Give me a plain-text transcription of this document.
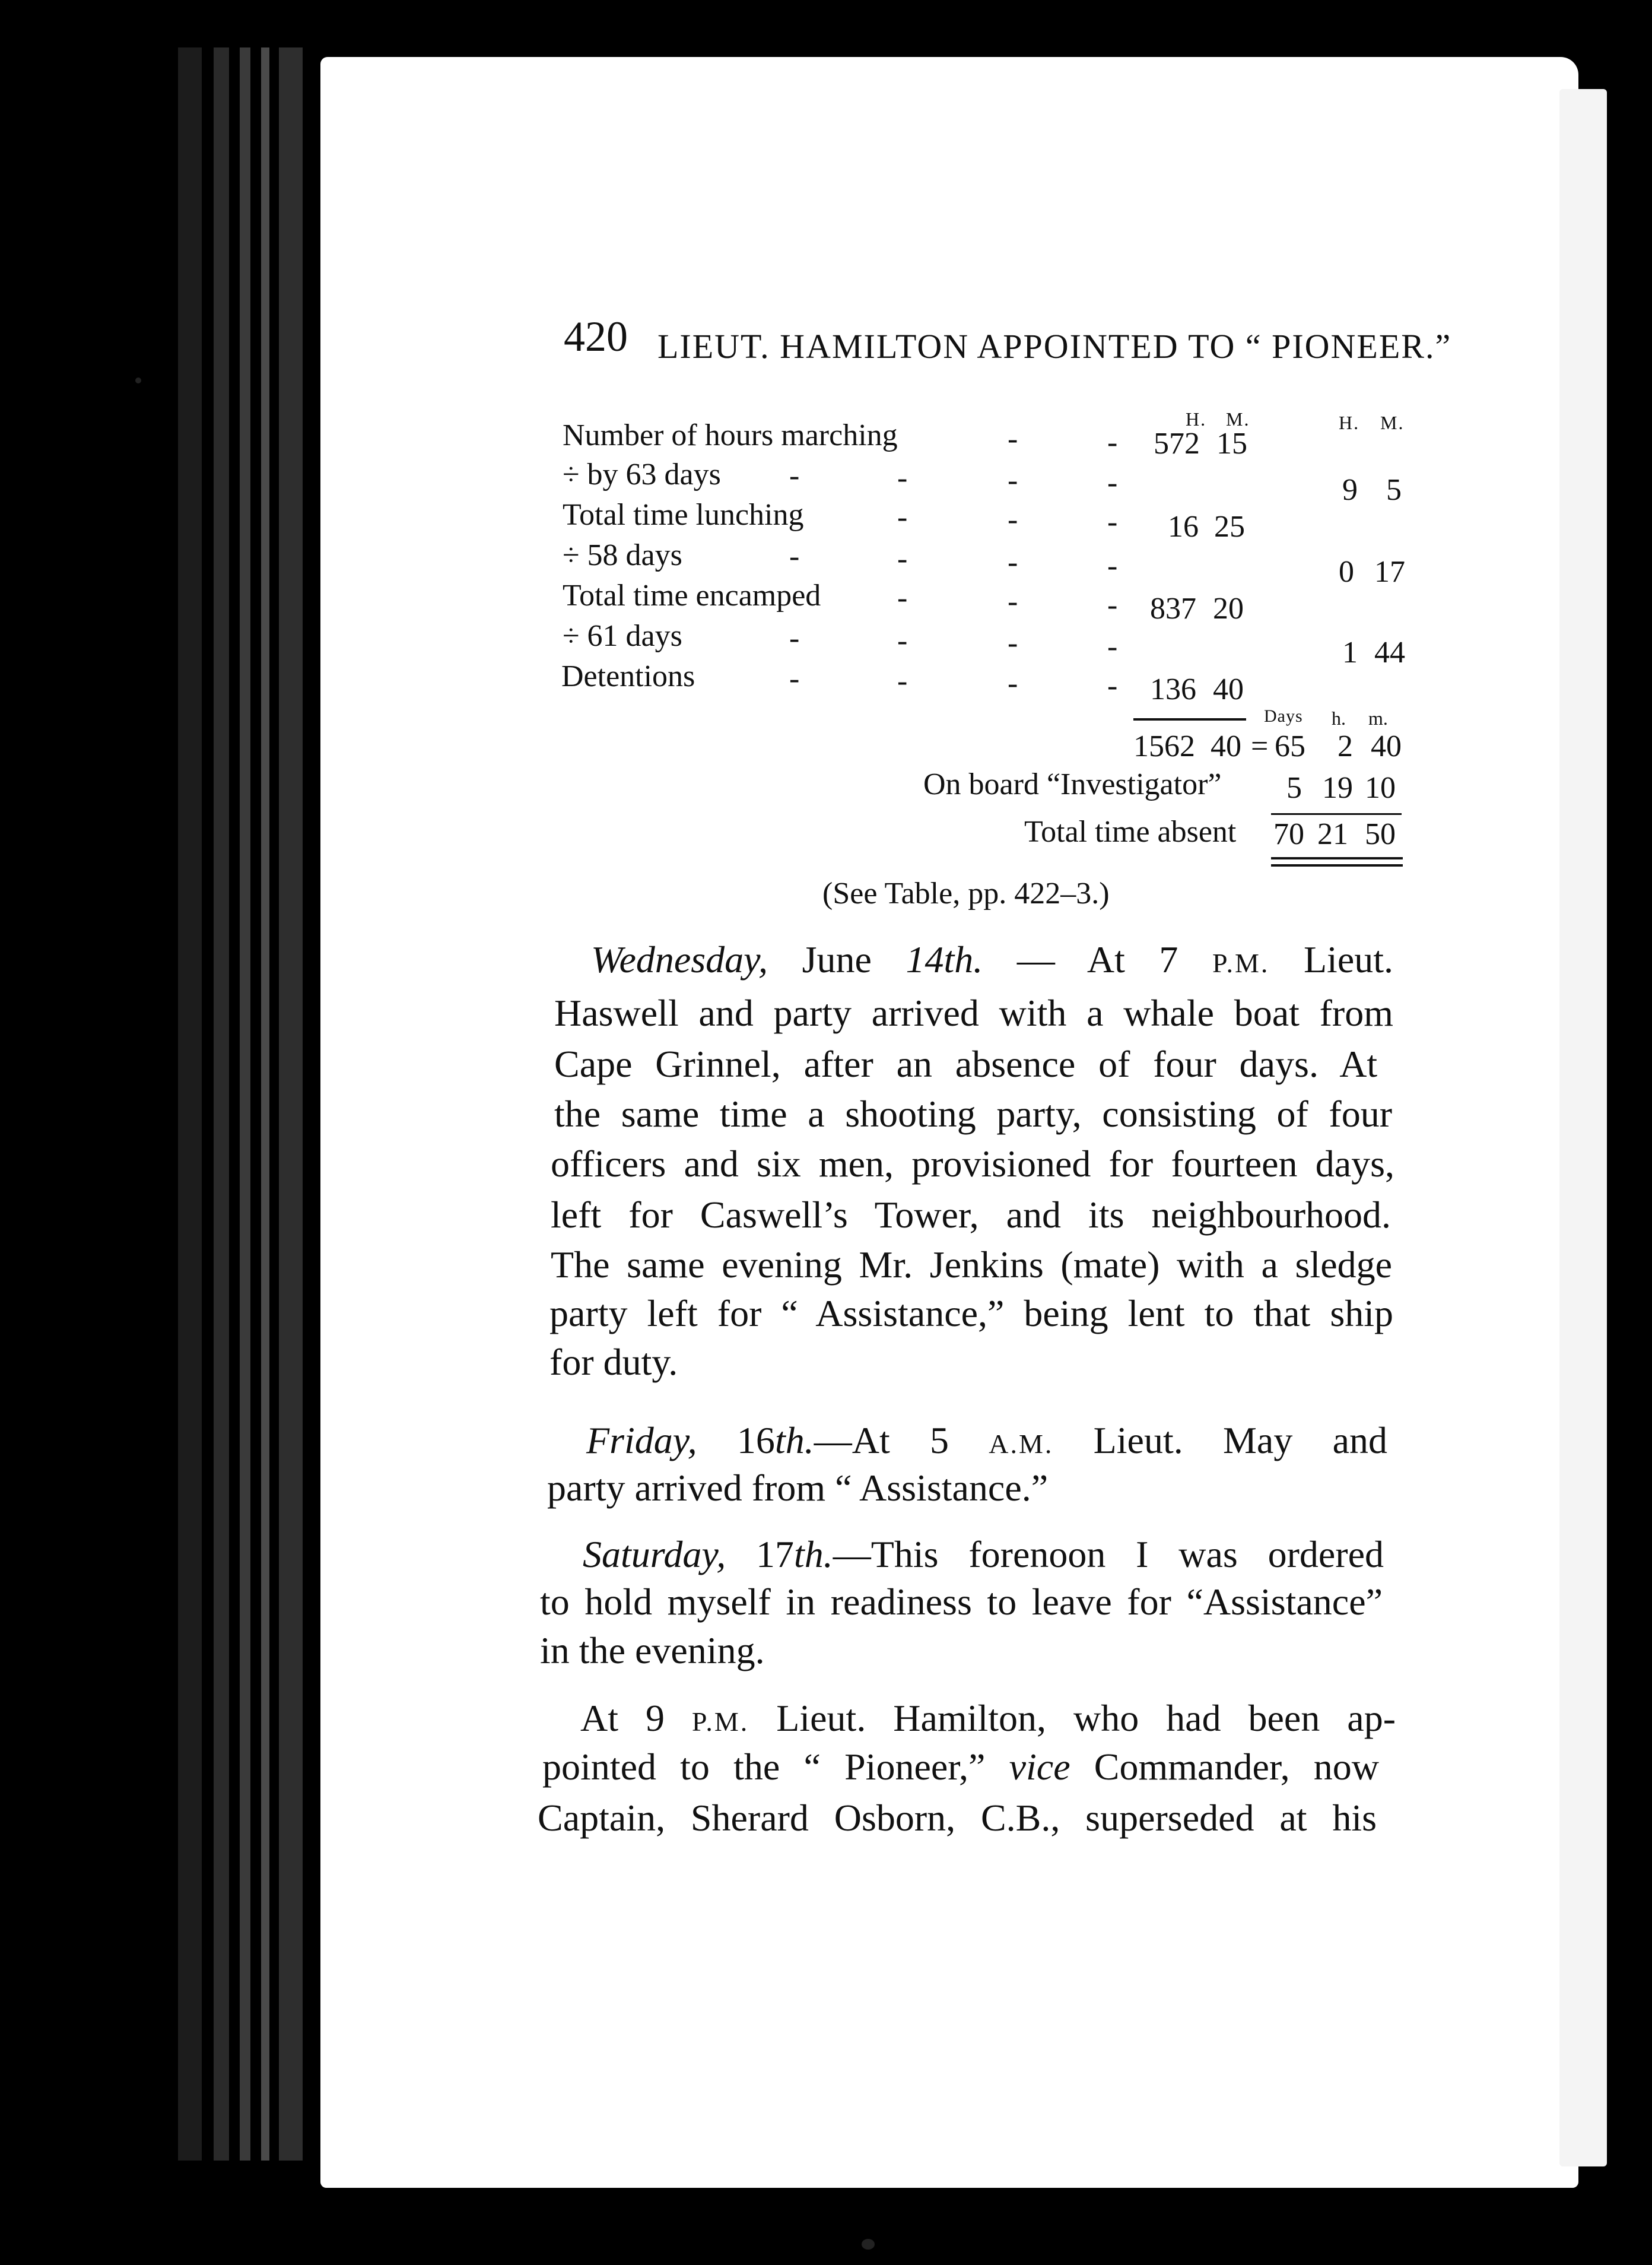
420 LIEUT. HAMILTON APPOINTED TO “ PIONEER.”
H. M.	H. M.
Number of hours marching	-	- 572 15
÷ by 63 days -	-	-	-	9 5
Total time lunching	-	-	- 16 25
÷ 58 days	-	-	-	-	0 17
Total time encamped -	-	- 837 20
÷ 61 days	-	-	-	-	1 44
Detentions	-	-	-	- 136 40
Days h. m.
1562 40 = 65 2 40
On board “Investigator” 5 19 10
Total time absent 70 21 50
(See Table, pp. 422–3.)
Wednesday, June 14th. — At 7 P.M. Lieut.
Haswell and party arrived with a whale boat from
Cape Grinnel, after an absence of four days. At
the same time a shooting party, consisting of four
officers and six men, provisioned for fourteen days,
left for Caswell’s Tower, and its neighbourhood.
The same evening Mr. Jenkins (mate) with a sledge
party left for “ Assistance,” being lent to that ship
for duty.
Friday, 16th.—At 5 A.M. Lieut. May and
party arrived from “ Assistance.”
Saturday, 17th.—This forenoon I was ordered
to hold myself in readiness to leave for “Assistance”
in the evening.
At 9 P.M. Lieut. Hamilton, who had been ap-
pointed to the “ Pioneer,” vice Commander, now
Captain, Sherard Osborn, C.B., superseded at his
